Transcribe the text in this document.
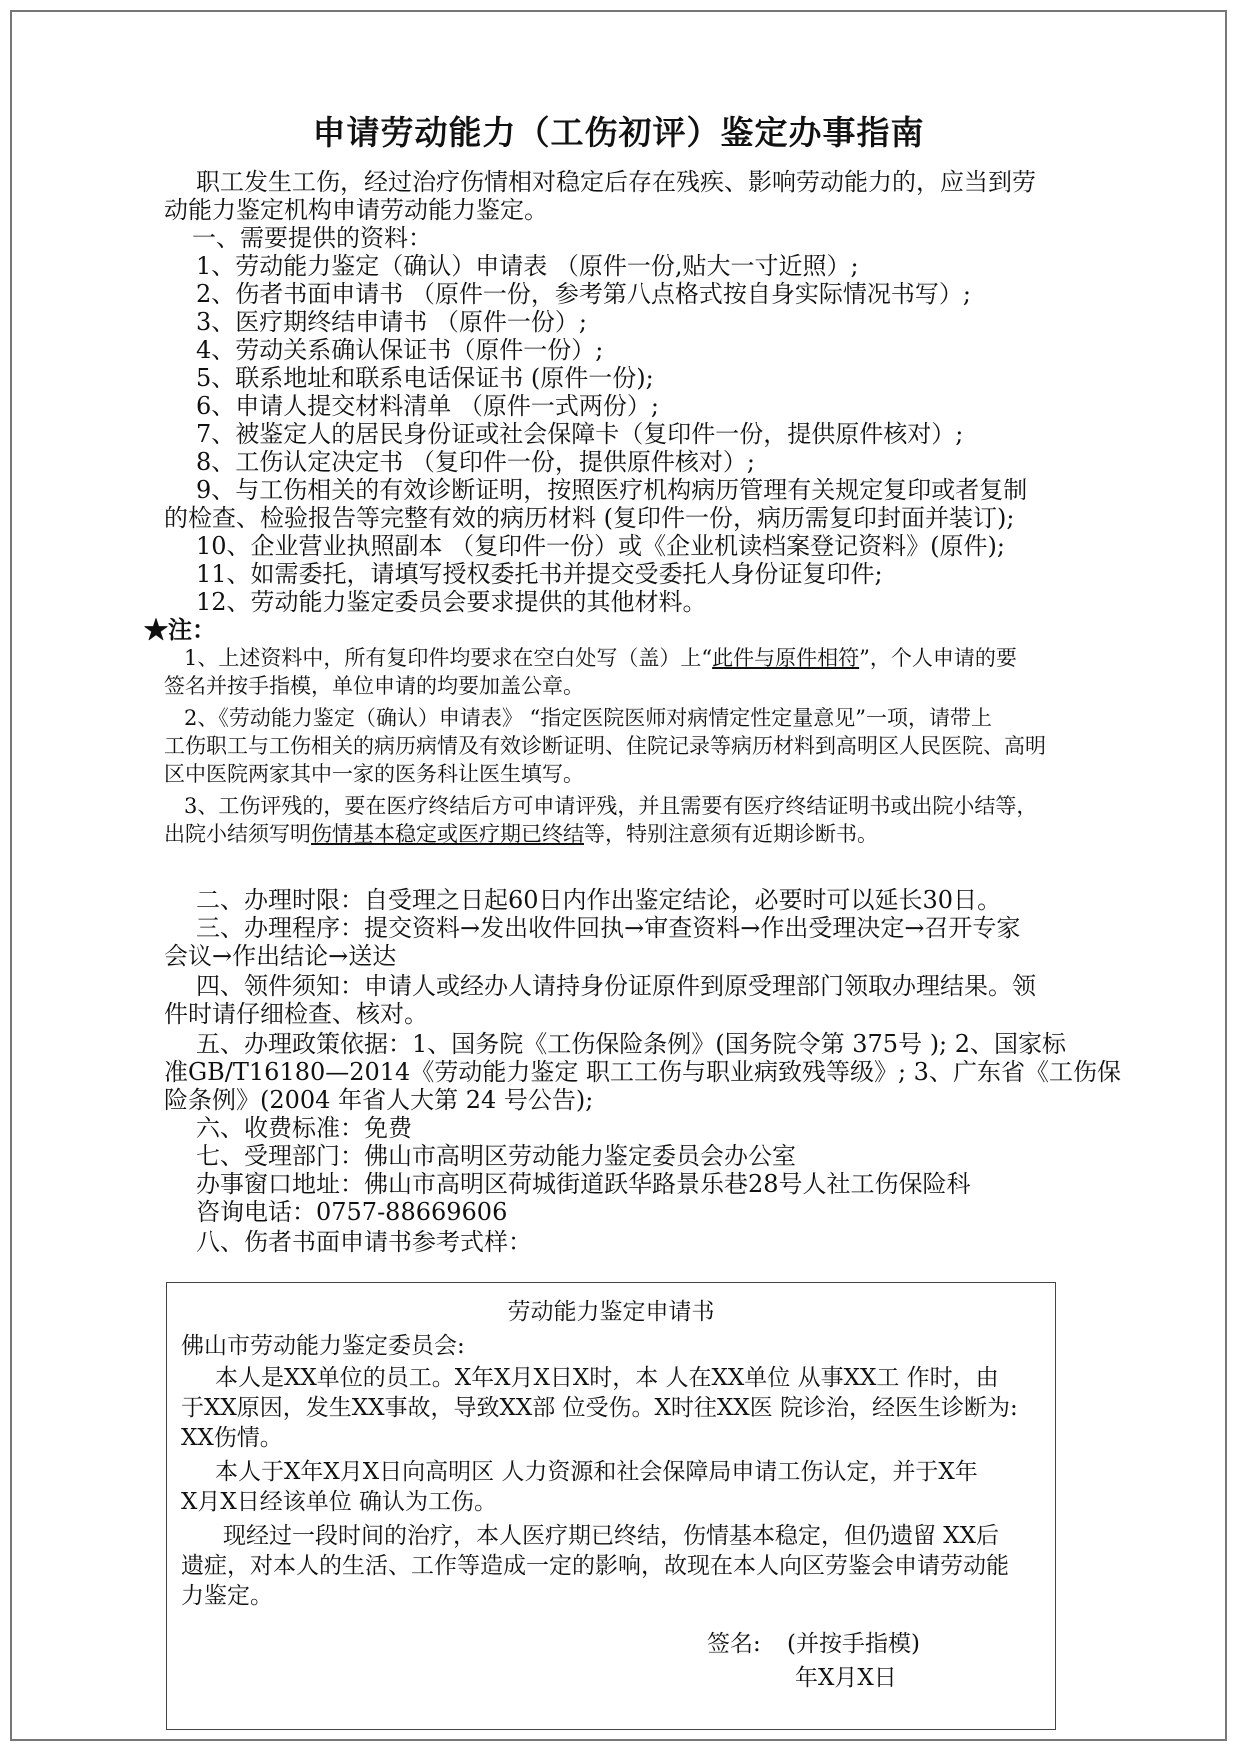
申请劳动能力（工伤初评）鉴定办事指南
职工发生工伤，经过治疗伤情相对稳定后存在残疾、影响劳动能力的，应当到劳
动能力鉴定机构申请劳动能力鉴定。
一、需要提供的资料：
1、劳动能力鉴定（确认）申请表 （原件一份,贴大一寸近照）;
2、伤者书面申请书 （原件一份，参考第八点格式按自身实际情况书写）;
3、医疗期终结申请书 （原件一份）;
4、劳动关系确认保证书（原件一份）;
5、联系地址和联系电话保证书 (原件一份);
6、申请人提交材料清单 （原件一式两份）;
7、被鉴定人的居民身份证或社会保障卡（复印件一份，提供原件核对）;
8、工伤认定决定书 （复印件一份，提供原件核对）;
9、与工伤相关的有效诊断证明，按照医疗机构病历管理有关规定复印或者复制
的检查、检验报告等完整有效的病历材料 (复印件一份，病历需复印封面并装订);
10、企业营业执照副本 （复印件一份）或《企业机读档案登记资料》(原件);
11、如需委托，请填写授权委托书并提交受委托人身份证复印件;
12、劳动能力鉴定委员会要求提供的其他材料。
★注：
1、上述资料中，所有复印件均要求在空白处写（盖）上“此件与原件相符”，个人申请的要
签名并按手指模，单位申请的均要加盖公章。
2、《劳动能力鉴定（确认）申请表》 “指定医院医师对病情定性定量意见”一项，请带上
工伤职工与工伤相关的病历病情及有效诊断证明、住院记录等病历材料到高明区人民医院、高明
区中医院两家其中一家的医务科让医生填写。
3、工伤评残的，要在医疗终结后方可申请评残，并且需要有医疗终结证明书或出院小结等，
出院小结须写明伤情基本稳定或医疗期已终结等，特别注意须有近期诊断书。
二、办理时限：自受理之日起60日内作出鉴定结论，必要时可以延长30日。
三、办理程序：提交资料→发出收件回执→审查资料→作出受理决定→召开专家
会议→作出结论→送达
四、领件须知：申请人或经办人请持身份证原件到原受理部门领取办理结果。领
件时请仔细检查、核对。
五、办理政策依据：1、国务院《工伤保险条例》(国务院令第 375号 ); 2、国家标
准GB/T16180—2014《劳动能力鉴定 职工工伤与职业病致残等级》; 3、广东省《工伤保
险条例》(2004 年省人大第 24 号公告);
六、收费标准：免费
七、受理部门：佛山市高明区劳动能力鉴定委员会办公室
办事窗口地址：佛山市高明区荷城街道跃华路景乐巷28号人社工伤保险科
咨询电话：0757-88669606
八、伤者书面申请书参考式样：
劳动能力鉴定申请书
佛山市劳动能力鉴定委员会:
本人是XX单位的员工。X年X月X日X时，本 人在XX单位 从事XX工 作时，由
于XX原因，发生XX事故，导致XX部 位受伤。X时往XX医 院诊治，经医生诊断为:
XX伤情。
本人于X年X月X日向高明区 人力资源和社会保障局申请工伤认定，并于X年
X月X日经该单位 确认为工伤。
现经过一段时间的治疗，本人医疗期已终结，伤情基本稳定，但仍遗留 XX后
遗症，对本人的生活、工作等造成一定的影响，故现在本人向区劳鉴会申请劳动能
力鉴定。
签名: (并按手指模)
年X月X日
